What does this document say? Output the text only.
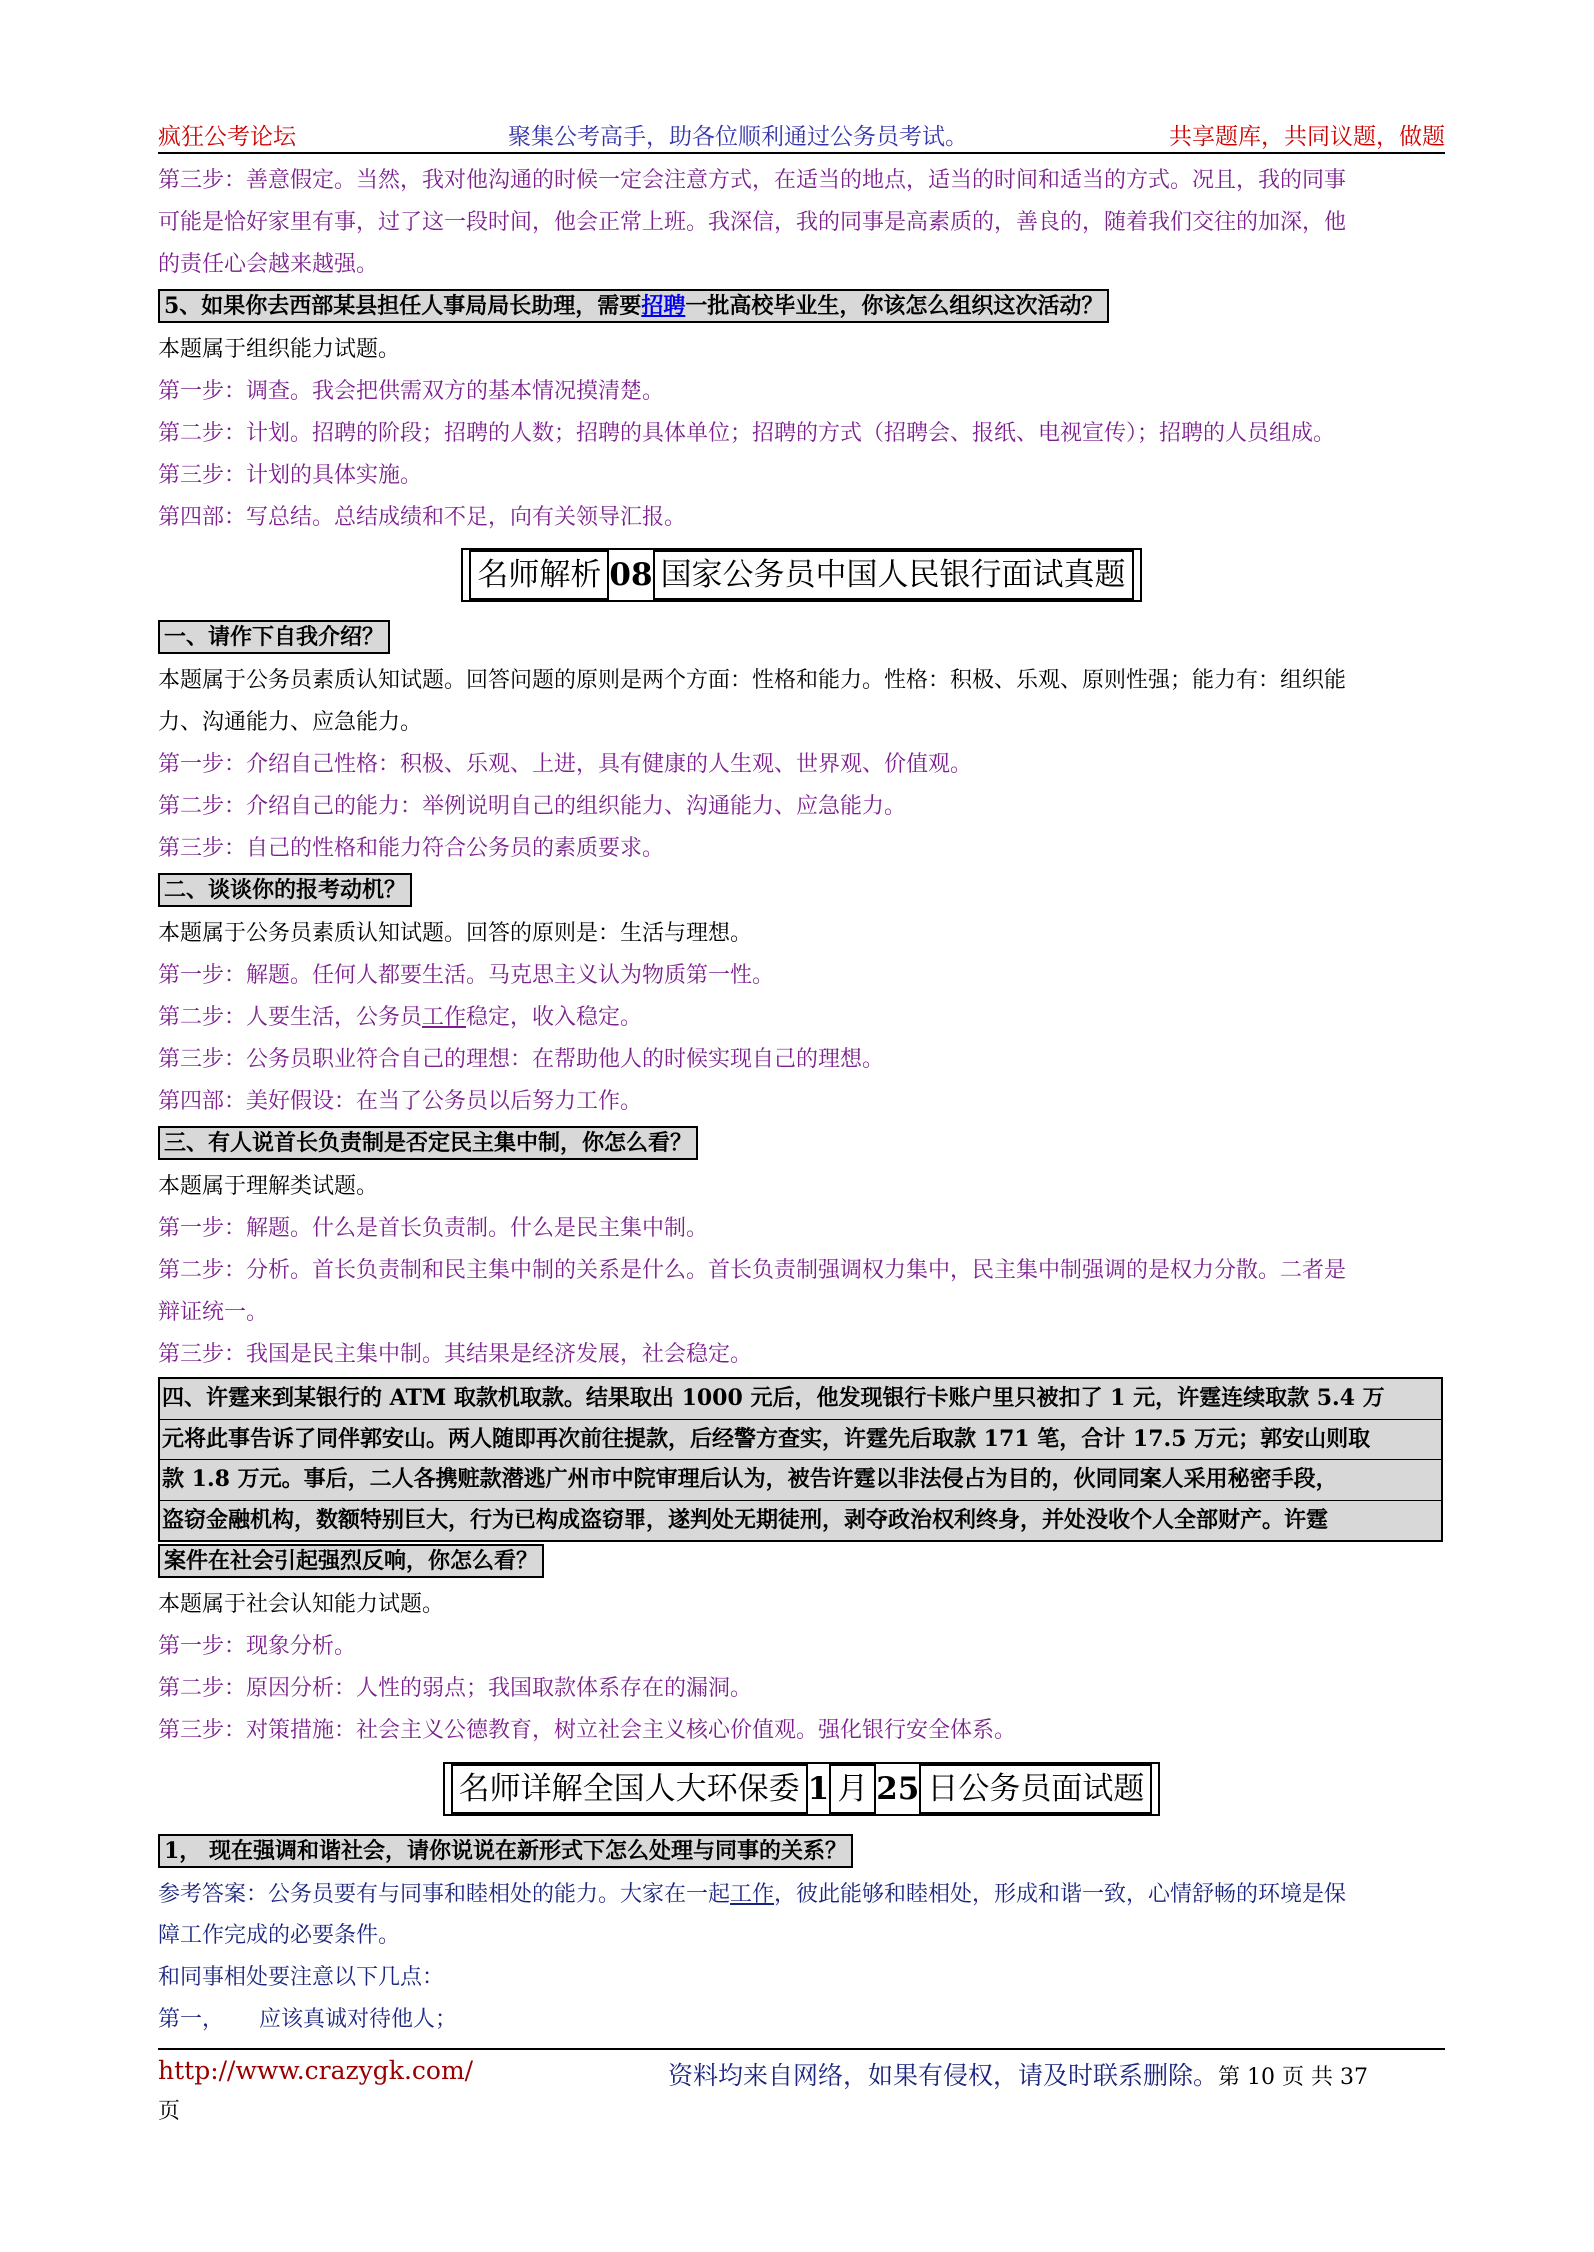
疯狂公考论坛	聚集公考高手，助各位顺利通过公务员考试。	共享题库，共同议题，做题
第三步：善意假定。当然，我对他沟通的时候一定会注意方式，在适当的地点，适当的时间和适当的方式。况且，我的同事
可能是恰好家里有事，过了这一段时间，他会正常上班。我深信，我的同事是高素质的，善良的，随着我们交往的加深，他
的责任心会越来越强。
5、如果你去西部某县担任人事局局长助理，需要招聘一批高校毕业生，你该怎么组织这次活动？
本题属于组织能力试题。
第一步：调查。我会把供需双方的基本情况摸清楚。
第二步：计划。招聘的阶段；招聘的人数；招聘的具体单位；招聘的方式（招聘会、报纸、电视宣传）；招聘的人员组成。
第三步：计划的具体实施。
第四部：写总结。总结成绩和不足，向有关领导汇报。
名师解析08国家公务员中国人民银行面试真题
一、请作下自我介绍？
本题属于公务员素质认知试题。回答问题的原则是两个方面：性格和能力。性格：积极、乐观、原则性强；能力有：组织能
力、沟通能力、应急能力。
第一步：介绍自己性格：积极、乐观、上进，具有健康的人生观、世界观、价值观。
第二步：介绍自己的能力：举例说明自己的组织能力、沟通能力、应急能力。
第三步：自己的性格和能力符合公务员的素质要求。
二、谈谈你的报考动机？
本题属于公务员素质认知试题。回答的原则是：生活与理想。
第一步：解题。任何人都要生活。马克思主义认为物质第一性。
第二步：人要生活，公务员工作稳定，收入稳定。
第三步：公务员职业符合自己的理想：在帮助他人的时候实现自己的理想。
第四部：美好假设：在当了公务员以后努力工作。
三、有人说首长负责制是否定民主集中制，你怎么看？
本题属于理解类试题。
第一步：解题。什么是首长负责制。什么是民主集中制。
第二步：分析。首长负责制和民主集中制的关系是什么。首长负责制强调权力集中，民主集中制强调的是权力分散。二者是
辩证统一。
第三步：我国是民主集中制。其结果是经济发展，社会稳定。
四、许霆来到某银行的 ATM 取款机取款。结果取出 1000 元后，他发现银行卡账户里只被扣了 1 元，许霆连续取款 5.4 万
元将此事告诉了同伴郭安山。两人随即再次前往提款，后经警方查实，许霆先后取款 171 笔，合计 17.5 万元；郭安山则取
款 1.8 万元。事后，二人各携赃款潜逃广州市中院审理后认为，被告许霆以非法侵占为目的，伙同同案人采用秘密手段，
盗窃金融机构，数额特别巨大，行为已构成盗窃罪，遂判处无期徒刑，剥夺政治权利终身，并处没收个人全部财产。许霆
案件在社会引起强烈反响，你怎么看？
本题属于社会认知能力试题。
第一步：现象分析。
第二步：原因分析：人性的弱点；我国取款体系存在的漏洞。
第三步：对策措施：社会主义公德教育，树立社会主义核心价值观。强化银行安全体系。
名师详解全国人大环保委1月25日公务员面试题
1， 现在强调和谐社会，请你说说在新形式下怎么处理与同事的关系？
参考答案：公务员要有与同事和睦相处的能力。大家在一起工作，彼此能够和睦相处，形成和谐一致，心情舒畅的环境是保
障工作完成的必要条件。
和同事相处要注意以下几点：
第一，     应该真诚对待他人；
http://www.crazygk.com/	资料均来自网络，如果有侵权，请及时联系删除。第 10 页 共 37
页
